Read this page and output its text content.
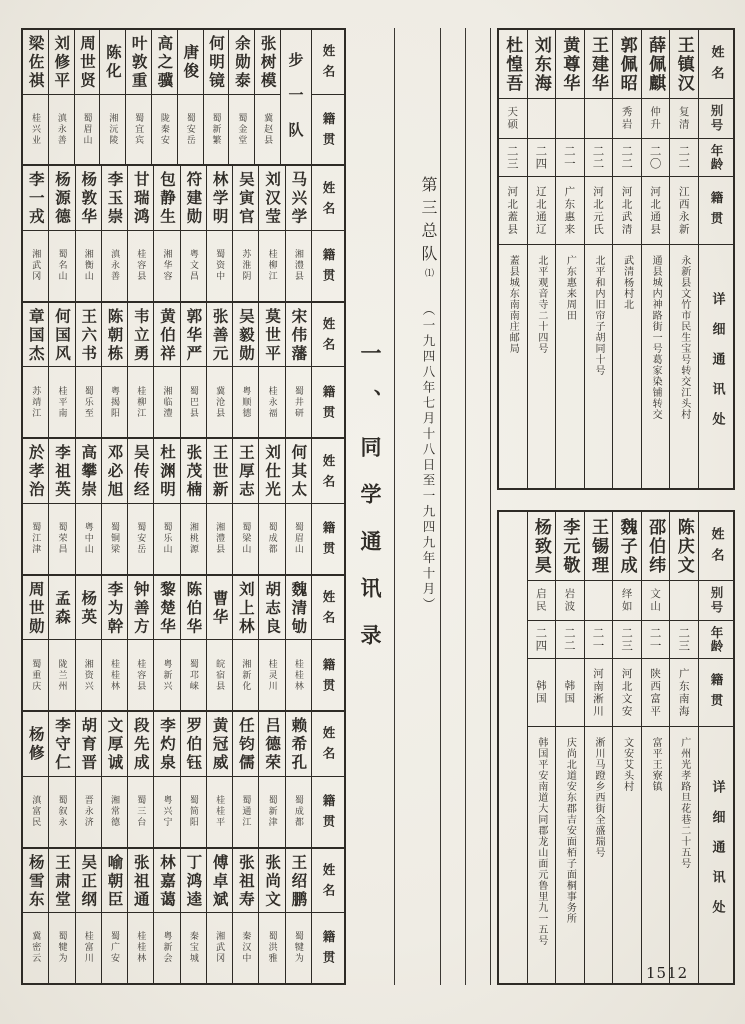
姓名
籍贯
步一队
张树模
冀赵县
余勋泰
蜀金堂
何明镜
蜀新繁
唐俊
蜀安岳
高之骥
陇秦安
叶敦重
蜀宜宾
陈化
湘沅陵
周世贤
蜀眉山
刘修平
滇永善
梁佐祺
桂兴业
姓名
籍贯
马兴学
湘澧县
刘汉莹
桂柳江
吴寅官
苏淮阴
林学明
蜀资中
符建勋
粤文昌
包静生
湘华容
甘瑞鸿
桂容县
李玉崇
滇永善
杨敦华
湘衡山
杨源德
蜀名山
李一戎
湘武冈
姓名
籍贯
宋伟藩
蜀井研
莫世平
桂永福
吴毅勋
粤顺德
张善元
冀沧县
郭华严
蜀巴县
黄伯祥
湘临澧
韦立勇
桂柳江
陈朝栋
粤揭阳
王六书
蜀乐至
何国风
桂平南
章国杰
苏靖江
姓名
籍贯
何其太
蜀眉山
刘仕光
蜀成都
王厚志
蜀梁山
王世新
湘澧县
张茂楠
湘桃源
杜渊明
蜀乐山
吴传经
蜀安岳
邓必旭
蜀铜梁
高攀崇
粤中山
李祖英
蜀荣昌
於孝治
蜀江津
姓名
籍贯
魏清劬
桂桂林
胡志良
桂灵川
刘上林
湘新化
曹华
皖宿县
陈伯华
蜀邛崃
黎楚华
粤新兴
钟善方
桂容县
李为幹
桂桂林
杨英
湘资兴
孟森
陇兰州
周世勋
蜀重庆
姓名
籍贯
赖希孔
蜀成都
吕德荣
蜀新津
任钧儒
蜀通江
黄冠威
桂桂平
罗伯钰
蜀简阳
李灼泉
粤兴宁
段先成
蜀三台
文厚诚
湘常德
胡育晋
晋永济
李守仁
蜀叙永
杨修
滇富民
姓名
籍贯
王绍鹏
蜀犍为
张尚文
蜀洪雅
张祖寿
秦汉中
傅卓斌
湘武冈
丁鸿逵
秦宝城
林嘉蔼
粤新会
张祖通
桂桂林
喻朝臣
蜀广安
吴正纲
桂富川
王肃堂
蜀犍为
杨雪东
冀密云
一、同学通讯录
第三总队⑴（一九四八年七月十八日至一九四九年十月）
姓名
别号
年龄
籍贯
详细通讯处
王镇汉
复清
二二
江西永新
永新县文竹市民生宝号转交江头村
薛佩麒
仲升
二〇
河北通县
通县城内神路街一号葛家染铺转交
郭佩昭
秀岩
二二
河北武清
武清杨村北
王建华
二二
河北元氏
北平和内旧帘子胡同十号
黄尊华
二一
广东惠来
广东惠来周田
刘东海
二四
辽北通辽
北平观音寺二十四号
杜惶吾
天硕
二三
河北蓋县
蓋县城东南南庄邮局
姓名
别号
年龄
籍贯
详细通讯处
陈庆文
二三
广东南海
广州光孝路旦花巷二十五号
邵伯纬
文山
二一
陕西富平
富平王寮镇
魏子成
绎如
二三
河北文安
文安艾头村
王锡理
二一
河南淅川
淅川马蹬乡西街全盛瑞号
李元敬
岩波
二二
韩国
庆尚北道安东郡吉安面栢子面桐事务所
杨致昊
启民
二四
韩国
韩国平安南道大同郡龙山面元鲁里九一五号
1512
